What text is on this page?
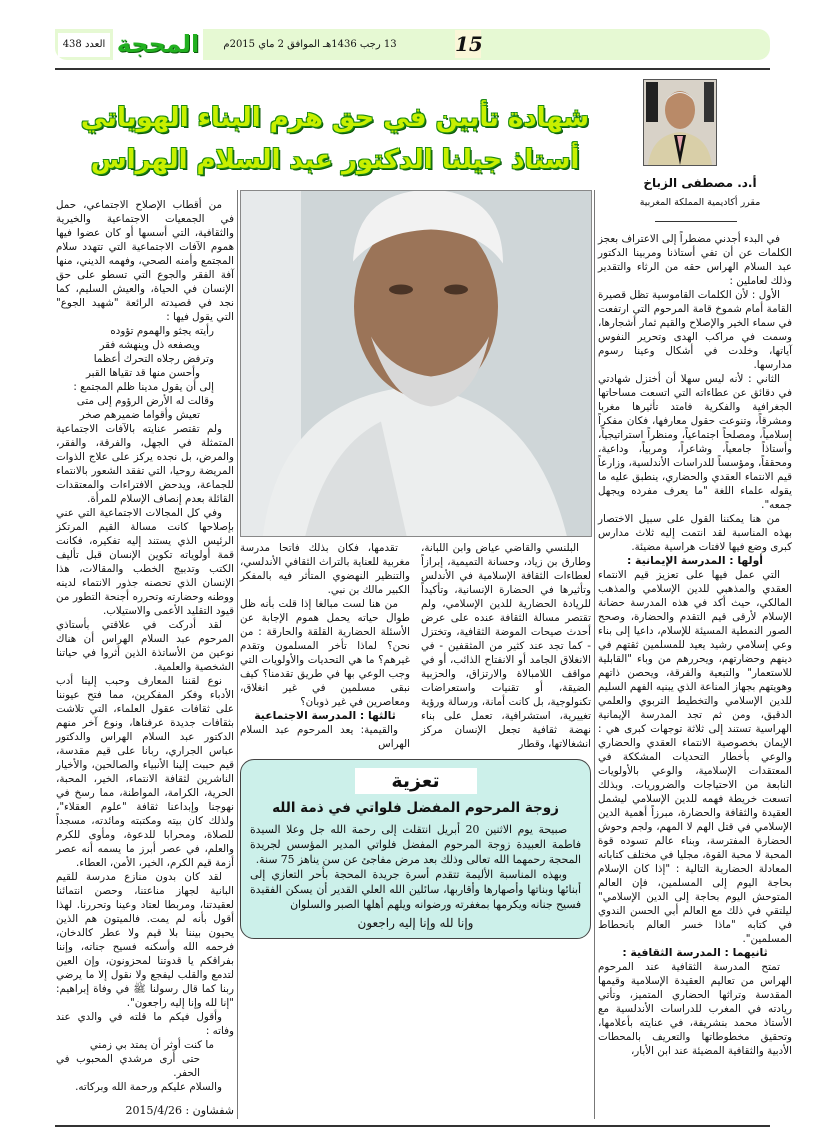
العدد 438 المحجة	13 رجب 1436هـ الموافق 2 ماي 2015م	15
شهادة تأبين في حق هرم البناء الهوياتي
أستاذ جيلنا الدكتور عبد السلام الهراس
أ.د. مصطفى الزباخ
مقرر أكاديمية المملكة المغربية

في البدء أجدني مضطراً إلى الاعتراف بعجز الكلمات عن أن تفي أستاذنا ومربينا الدكتور عبد السلام الهراس حقه من الرثاء والتقدير وذلك لعاملين :

الأول : لأن الكلمات القاموسية تظل قصيرة القامة أمام شموخ قامة المرحوم التي ارتفعت في سماء الخير والإصلاح والقيم ثمار أشجارها، وسمت في مراكب الهدى وتحرير النفوس آياتها، وخلدت في أشكال وعينا رسوم مدارسها.

الثاني : لأنه ليس سهلا أن أختزل شهادتي في دقائق عن عطاءاته التي اتسعت مساحاتها الجغرافية والفكرية فامتد تأثيرها مغربا ومشرقاً، وتنوعت حقول معارفها، فكان مفكراً إسلامياً، ومصلحاً اجتماعياً، ومنظراً استراتيجياً، وأستاذاً جامعياً، وشاعراً، ومربياً، وداعية، ومحققاً، ومؤسساً للدراسات الأندلسية، وزارعاً قيم الانتماء العقدي والحضاري، ينطبق عليه ما يقوله علماء اللغة "ما يعرف مفرده ويجهل جمعه".

من هنا يمكننا القول على سبيل الاختصار بهذه المناسبة لقد انتمت إليه ثلاث مدارس كبرى وضع فيها لافتات هراسية مضيئة.

أولها : المدرسة الإيمانية :

التي عمل فيها على تعزيز قيم الانتماء العقدي والمذهبي للدين الإسلامي والمذهب المالكي، حيث أكد في هذه المدرسة حضانة الإسلام لأرقى قيم التقدم والحضارة، وصحح الصور النمطية المسيئة للإسلام، داعيا إلى بناء وعي إسلامي رشيد يعيد للمسلمين ثقتهم في دينهم وحضارتهم، ويحررهم من وباء "القابلية للاستعمار" والتبعية والفرقة، ويحصن ذاتهم وهويتهم بجهاز المناعة الذي يبنيه الفهم السليم للدين الإسلامي والتخطيط التربوي والعلمي الدقيق، ومن ثم تجد المدرسة الإيمانية الهراسية تستند إلى ثلاثة توجهات كبرى هي : الإيمان بخصوصية الانتماء العقدي والحضاري والوعي بأخطار التحديات المشككة في المعتقدات الإسلامية، والوعي بالأولويات النابعة من الاحتياجات والضروريات. وبذلك اتسعت خريطة فهمه للدين الإسلامي ليشمل العقيدة والثقافة والحضارة، مبرزاً أهمية الدين الإسلامي في قتل الهم لا المهم، ولجم وحوش الحضارة المفترسة، وبناء عالم تسوده قوة المحبة لا محبة القوة، مجليا في مختلف كتاباته المعادلة الحضارية التالية : "إذا كان الإسلام بحاجة اليوم إلى المسلمين، فإن العالم المتوحش اليوم بحاجة إلى الدين الإسلامي" ليلتقي في ذلك مع العالم أبي الحسن الندوي في كتابه "ماذا خسر العالم بانحطاط المسلمين".

ثانيهما : المدرسة الثقافية :

تمتح المدرسة الثقافية عند المرحوم الهراس من تعاليم العقيدة الإسلامية وقيمها المقدسة وتراثها الحضاري المتميز، وتأتي ريادته في المغرب للدراسات الأندلسية مع الأستاذ محمد بنشريفة، في عنايته بأعلامها، وتحقيق مخطوطاتها والتعريف بالمحطات الأدبية والثقافية المضيئة عند ابن الأبار،

البلنسي والقاضي عياض وابن اللبانة، وطارق بن زياد، وحسانة التميمية، إبرازاً لعطاءات الثقافة الإسلامية في الأندلس وتأثيرها في الحضارة الإنسانية، وتأكيداً للريادة الحضارية للدين الإسلامي، ولم تقتصر مسالة الثقافة عنده على عرض أحدث صيحات الموضة الثقافية، وتختزل - كما تجد عند كثير من المثقفين - في الانغلاق الجامد أو الانفتاح الذائب، أو في مواقف اللامبالاة والارتزاق، والحزبية الضيقة، أو تقنيات واستعراضات تكنولوجية، بل كانت أمانة، ورسالة ورؤية تغييرية، استشرافية، تعمل على بناء نهضة ثقافية تجعل الإنسان مركز انشغالاتها، وقطار

تقدمها، فكان بذلك فاتحا مدرسة مغربية للعناية بالتراث الثقافي الأندلسي، والتنظير النهضوي المتأثر فيه بالمفكر الكبير مالك بن نبي.

من هنا لست مبالغا إذا قلت بأنه ظل طوال حياته يحمل هموم الإجابة عن الأسئلة الحضارية القلقة والحارقة : من نحن؟ لماذا تأخر المسلمون وتقدم غيرهم؟ ما هي التحديات والأولويات التي وجب الوعي بها في طريق تقدمنا؟ كيف نبقى مسلمين في غير انغلاق، ومعاصرين في غير ذوبان؟

ثالثها : المدرسة الاجتماعية

والقيمية: يعد المرحوم عبد السلام الهراس

تعزية
زوجة المرحوم المفضل فلواتي في ذمة الله

صبيحة يوم الاثنين 20 أبريل انتقلت إلى رحمة الله جل وعلا السيدة فاطمة العبيدة زوجة المرحوم المفضل فلواتي المدير المؤسس لجريدة المحجة رحمهما الله تعالى وذلك بعد مرض مفاجئ عن سن يناهز 75 سنة.

وبهذه المناسبة الأليمة تتقدم أسرة جريدة المحجة بأحر التعازي إلى أبنائها وبناتها وأصهارها وأقاربها، سائلين الله العلي القدير أن يسكن الفقيدة فسيح جنانه ويكرمها بمغفرته ورضوانه ويلهم أهلها الصبر والسلوان

وإنا لله وإنا إليه راجعون

من أقطاب الإصلاح الاجتماعي، حمل في الجمعيات الاجتماعية والخيرية والثقافية، التي أسسها أو كان عضوا فيها هموم الآفات الاجتماعية التي تتهدد سلام المجتمع وأمنه الصحي، وفهمه الديني، منها آفة الفقر والجوع التي تسطو على حق الإنسان في الحياة، والعيش السليم، كما نجد في قصيدته الرائعة "شهيد الجوع" التي يقول فيها :

رأيته يجثو والهموم تؤوده

ويصفعه ذل وينهشه فقر

وترفض رجلاه التحرك أعظما

وأحسن منها قد تقياها القبر

إلى أن يقول مدينا ظلم المجتمع :

وقالت له الأرض الرؤوم إلى متى

تعيش وأقواما ضميرهم صخر

ولم تقتصر عنايته بالآفات الاجتماعية المتمثلة في الجهل، والفرقة، والفقر، والمرض، بل نجده يركز على علاج الذوات المريضة روحيا، التي تفقد الشعور بالانتماء للجماعة، ويدحض الافتراءات والمعتقدات القائلة بعدم إنصاف الإسلام للمرأة.

وفي كل المجالات الاجتماعية التي عني بإصلاحها كانت مسالة القيم المرتكز الرئيس الذي يستند إليه تفكيره، فكانت قمة أولوياته تكوين الإنسان قبل تأليف الكتب وتدبيج الخطب والمقالات، هذا الإنسان الذي تحصنه جذور الانتماء لدينه ووطنه وحضارته وتحرره أجنحة التطور من قيود التقليد الأعمى والاستيلاب.

لقد أدركت في علاقتي بأستاذي المرحوم عبد السلام الهراس أن هناك نوعين من الأساتذة الذين أثروا في حياتنا الشخصية والعلمية.

نوع لقننا المعارف وحبب إلينا أدب الأدباء وفكر المفكرين، مما فتح عيوننا على ثقافات عقول العلماء، التي تلاشت بثقافات جديدة عرفناها، ونوع آخر منهم الدكتور عبد السلام الهراس والدكتور عباس الجراري، ربانا على قيم مقدسة، قيم حببت إلينا الأنبياء والصالحين، والأخيار الناشرين لثقافة الانتماء، الخير، المحبة، الحرية، الكرامة، المواطنة، مما رسخ في نهوجنا وإبداعنا ثقافة "علوم العقلاء"، ولذلك كان بيته ومكتبته ومائدته، مسجداً للصلاة، ومحرابا للدعوة، ومأوى للكرم والعلم، في عصر أبرز ما يسمه أنه عصر أزمة قيم الكرم، الخير، الأمن، العطاء.

لقد كان بدون منازع مدرسة للقيم البانية لجهاز مناعتنا، وحصن انتمائنا لعقيدتنا، ومربطا لعتاد وعينا وتحررنا. لهذا أقول بأنه لم يمت. فالميتون هم الذين يحيون بيننا بلا قيم ولا عطر كالدخان، فرحمه الله وأسكنه فسيح جناته، وإننا بفراقكم يا قدوتنا لمحزونون، وإن العين لتدمع والقلب ليفجع ولا نقول إلا ما يرضي ربنا كما قال رسولنا ﷺ في وفاة إبراهيم: "إنا لله وإنا إليه راجعون".

وأقول فيكم ما قلته في والدي عند وفاته :

ما كنت أوثر أن يمتد بي زمني

حتى أرى مرشدي المحبوب في الحفر.

والسلام عليكم ورحمة الله وبركاته.

شفشاون : 2015/4/26
